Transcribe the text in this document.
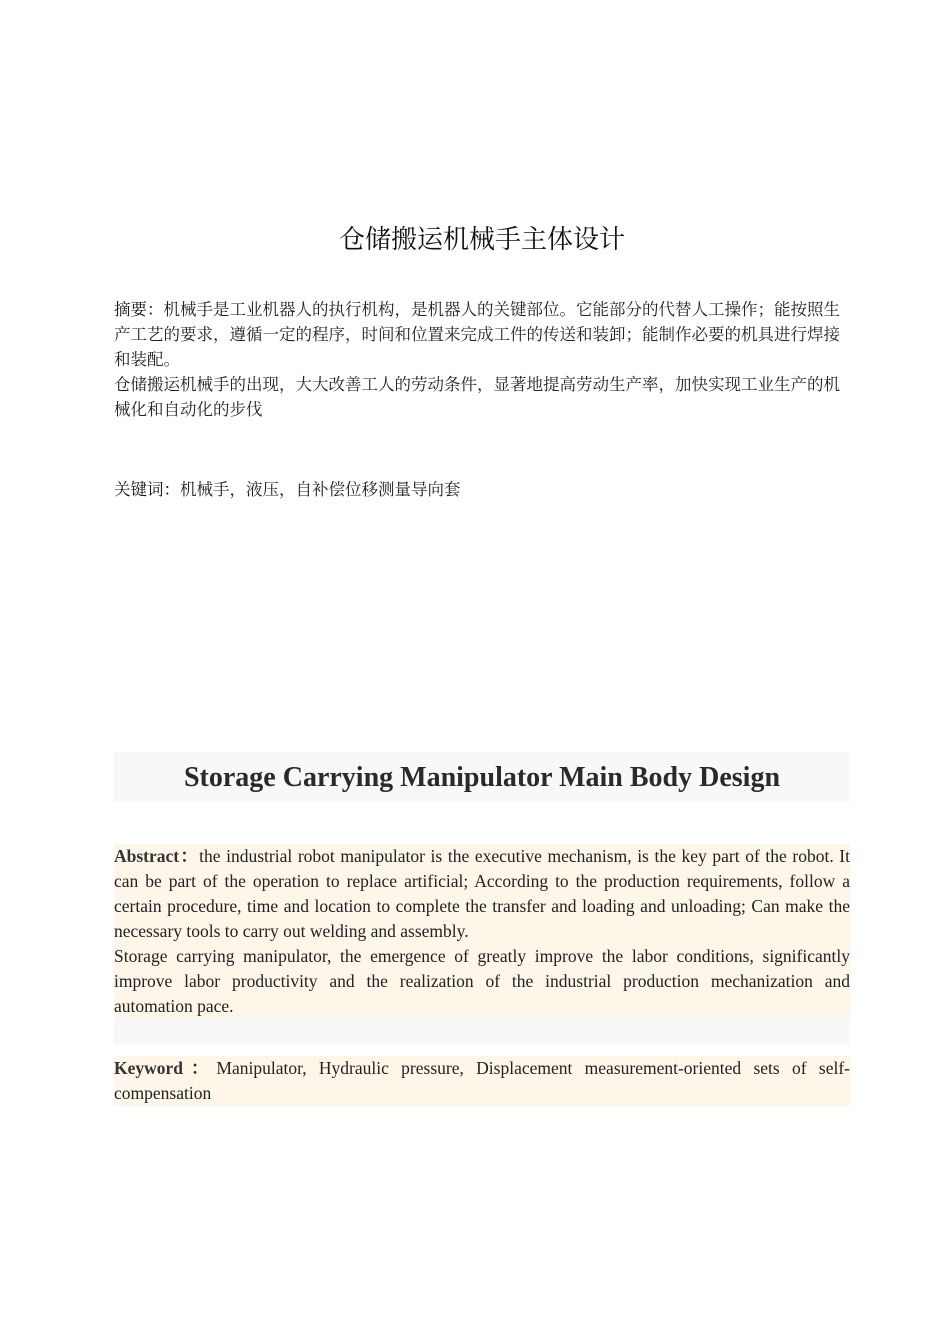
仓储搬运机械手主体设计

摘要：机械手是工业机器人的执行机构，是机器人的关键部位。它能部分的代替人工操作；能按照生产工艺的要求，遵循一定的程序，时间和位置来完成工件的传送和装卸；能制作必要的机具进行焊接和装配。

仓储搬运机械手的出现，大大改善工人的劳动条件，显著地提高劳动生产率，加快实现工业生产的机械化和自动化的步伐

关键词：机械手，液压，自补偿位移测量导向套

Storage Carrying Manipulator Main Body Design

Abstract：the industrial robot manipulator is the executive mechanism, is the key part of the robot. It can be part of the operation to replace artificial; According to the production requirements, follow a certain procedure, time and location to complete the transfer and loading and unloading; Can make the necessary tools to carry out welding and assembly.

Storage carrying manipulator, the emergence of greatly improve the labor conditions, significantly improve labor productivity and the realization of the industrial production mechanization and automation pace.

Keyword：Manipulator, Hydraulic pressure, Displacement measurement-oriented sets of self-compensation
